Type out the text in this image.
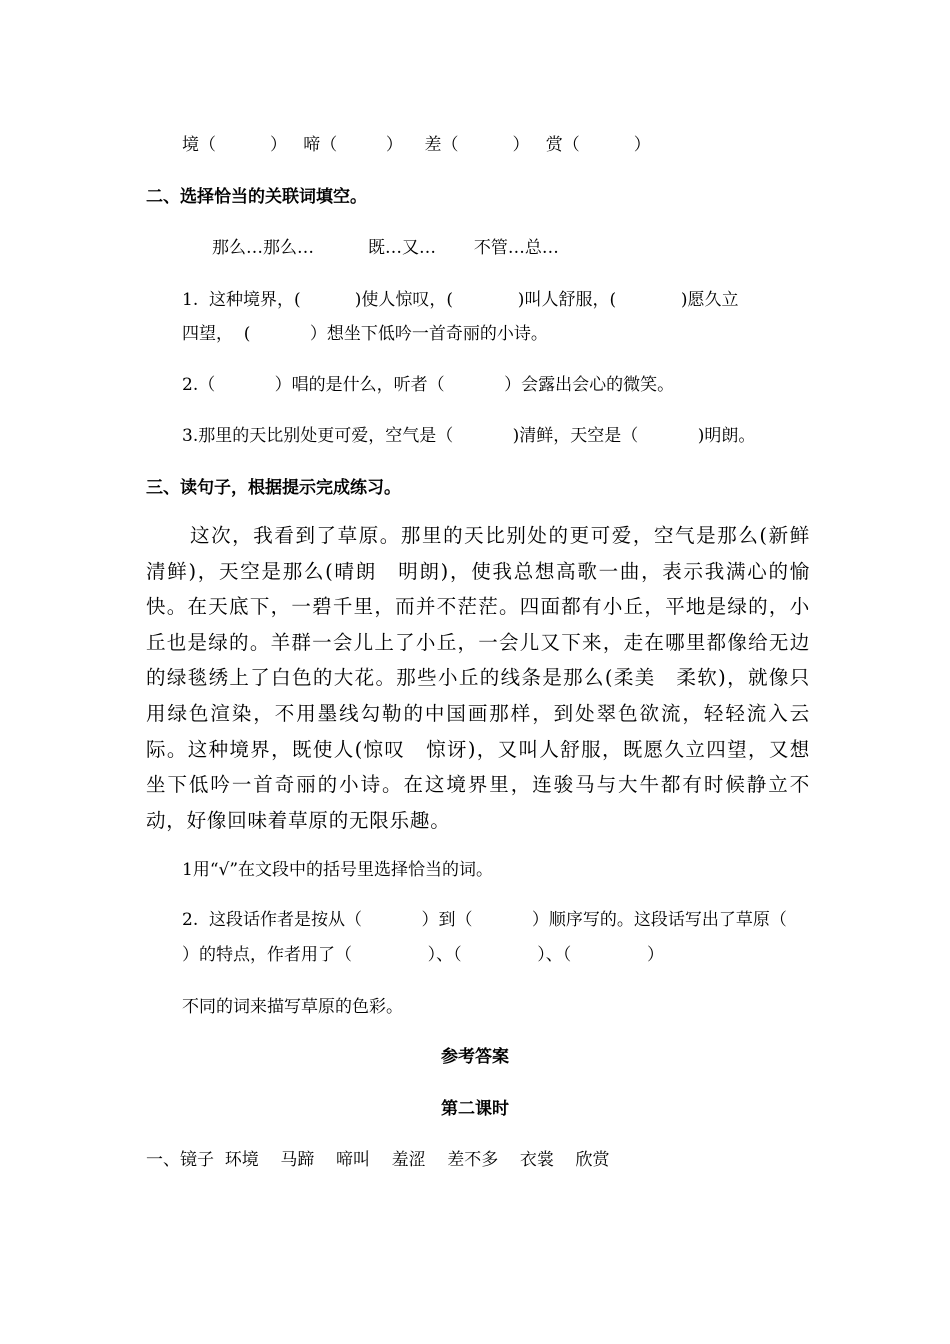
境（          ）   啼（         ）    差（          ）   赏（          ）
二、选择恰当的关联词填空。
那么…那么…          既…又…       不管…总…
1.  这种境界，(          )使人惊叹，(            )叫人舒服，(            )愿久立
四望，  (           ）想坐下低吟一首奇丽的小诗。
2.（           ）唱的是什么，听者（           ）会露出会心的微笑。
3.那里的天比别处更可爱，空气是（           )清鲜，天空是（           )明朗。
三、读句子，根据提示完成练习。
这次，我看到了草原。那里的天比别处的更可爱，空气是那么(新鲜　清鲜)，天空是那么(晴朗　明朗)，使我总想高歌一曲，表示我满心的愉快。在天底下，一碧千里，而并不茫茫。四面都有小丘，平地是绿的，小丘也是绿的。羊群一会儿上了小丘，一会儿又下来，走在哪里都像给无边的绿毯绣上了白色的大花。那些小丘的线条是那么(柔美　柔软)，就像只用绿色渲染，不用墨线勾勒的中国画那样，到处翠色欲流，轻轻流入云际。这种境界，既使人(惊叹　惊讶)，又叫人舒服，既愿久立四望，又想坐下低吟一首奇丽的小诗。在这境界里，连骏马与大牛都有时候静立不动，好像回味着草原的无限乐趣。
1用“√”在文段中的括号里选择恰当的词。
2.  这段话作者是按从（           ）到（           ）顺序写的。这段话写出了草原（
）的特点，作者用了（              ）、（              ）、（              ）
不同的词来描写草原的色彩。
参考答案
第二课时
一、镜子  环境    马蹄    啼叫    羞涩    差不多    衣裳    欣赏
